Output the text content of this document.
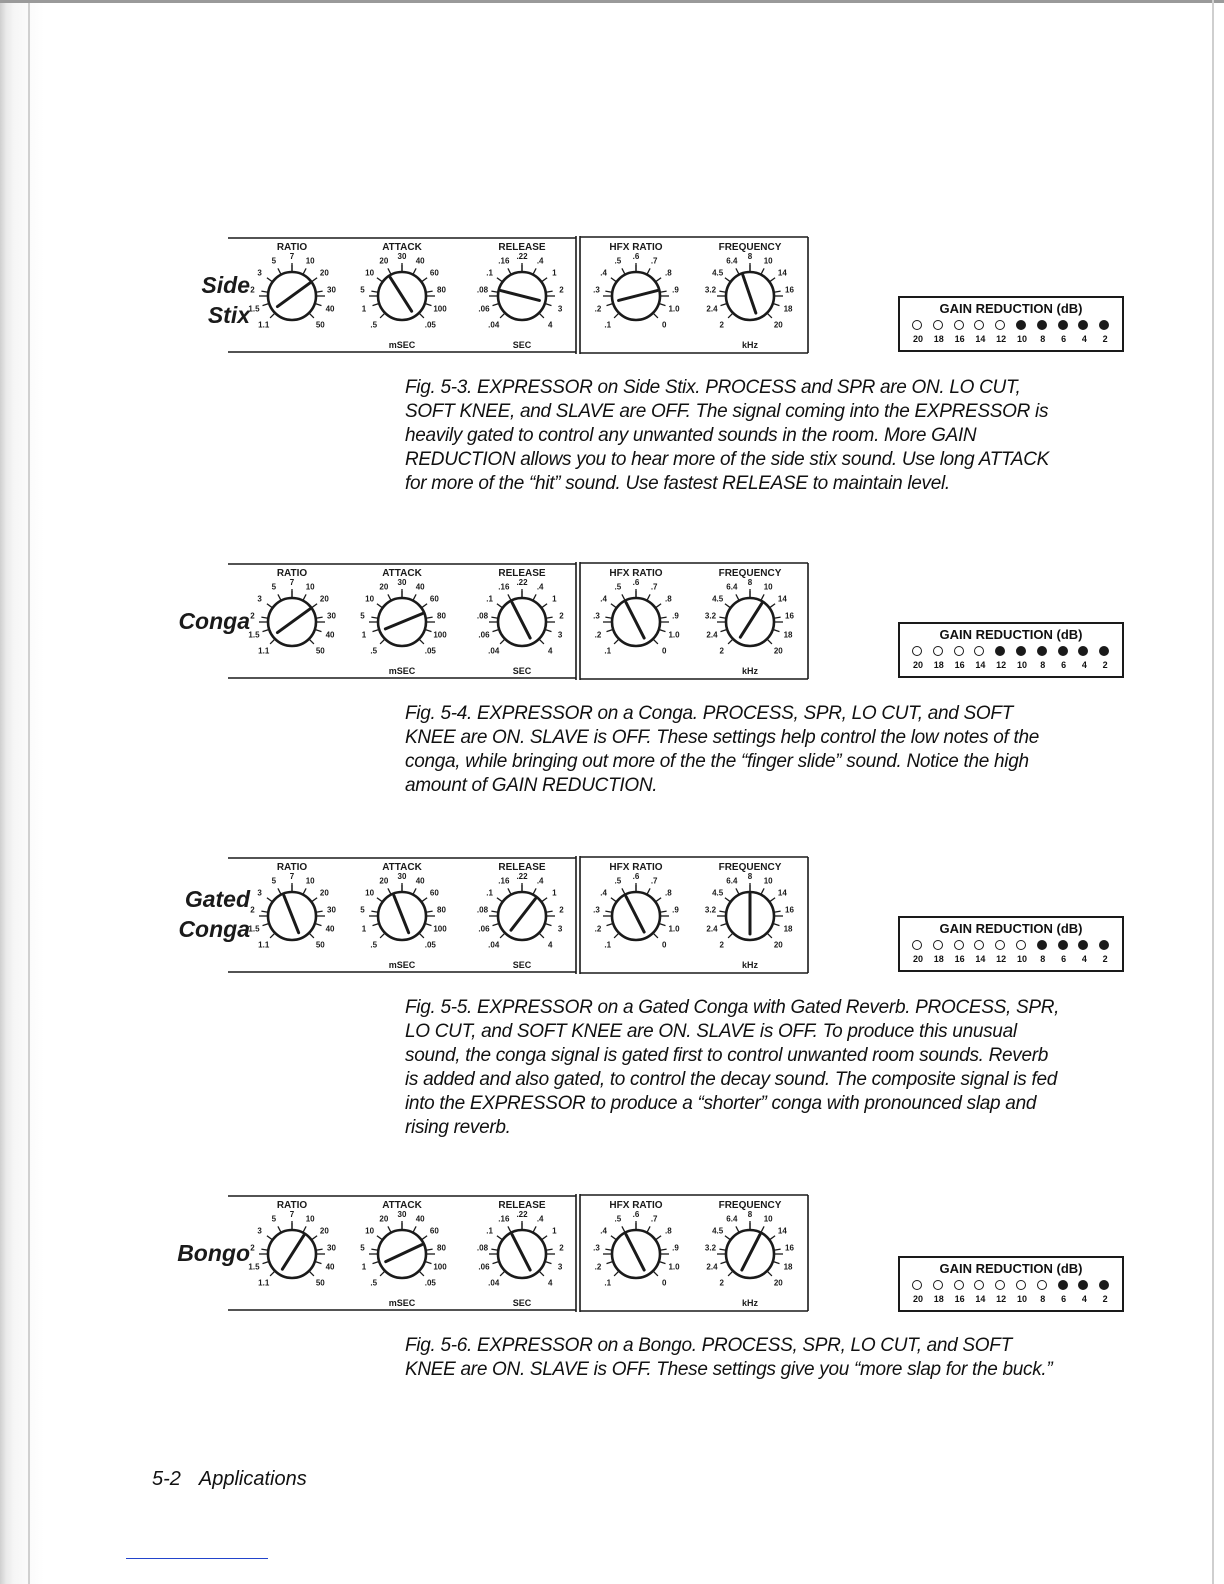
Side
Stix
RATIO
1.1
1.5
2
3
5 7 10
20
30
40
50
ATTACK
.5
1
5
10
20 30 40
60
80
100
.05
mSEC
RELEASE
.04
.06
.08
.1
.16 .22 .4
1
2
3
4
SEC
HFX RATIO
.1
.2
.3
.4
.5 .6 .7
.8
.9
1.0
0
FREQUENCY
2
2.4
3.2
4.5
6.4 8 10
14
16
18
20
kHz
GAIN REDUCTION (dB)
20	18	16	14	12	10	8	6	4	2
Fig. 5-3. EXPRESSOR on Side Stix. PROCESS and SPR are ON. LO CUT,
SOFT KNEE, and SLAVE are OFF. The signal coming into the EXPRESSOR is
heavily gated to control any unwanted sounds in the room. More GAIN
REDUCTION allows you to hear more of the side stix sound. Use long ATTACK
for more of the “hit” sound. Use fastest RELEASE to maintain level.
Conga
RATIO
1.1
1.5
2
3
5 7 10
20
30
40
50
ATTACK
.5
1
5
10
20 30 40
60
80
100
.05
mSEC
RELEASE
.04
.06
.08
.1
.16 .22 .4
1
2
3
4
SEC
HFX RATIO
.1
.2
.3
.4
.5 .6 .7
.8
.9
1.0
0
FREQUENCY
2
2.4
3.2
4.5
6.4 8 10
14
16
18
20
kHz
GAIN REDUCTION (dB)
20	18	16	14	12	10	8	6	4	2
Fig. 5-4. EXPRESSOR on a Conga. PROCESS, SPR, LO CUT, and SOFT
KNEE are ON. SLAVE is OFF. These settings help control the low notes of the
conga, while bringing out more of the the “finger slide” sound. Notice the high
amount of GAIN REDUCTION.
Gated
Conga
RATIO
1.1
1.5
2
3
5 7 10
20
30
40
50
ATTACK
.5
1
5
10
20 30 40
60
80
100
.05
mSEC
RELEASE
.04
.06
.08
.1
.16 .22 .4
1
2
3
4
SEC
HFX RATIO
.1
.2
.3
.4
.5 .6 .7
.8
.9
1.0
0
FREQUENCY
2
2.4
3.2
4.5
6.4 8 10
14
16
18
20
kHz
GAIN REDUCTION (dB)
20	18	16	14	12	10	8	6	4	2
Fig. 5-5. EXPRESSOR on a Gated Conga with Gated Reverb. PROCESS, SPR,
LO CUT, and SOFT KNEE are ON. SLAVE is OFF. To produce this unusual
sound, the conga signal is gated first to control unwanted room sounds. Reverb
is added and also gated, to control the decay sound. The composite signal is fed
into the EXPRESSOR to produce a “shorter” conga with pronounced slap and
rising reverb.
Bongo
RATIO
1.1
1.5
2
3
5 7 10
20
30
40
50
ATTACK
.5
1
5
10
20 30 40
60
80
100
.05
mSEC
RELEASE
.04
.06
.08
.1
.16 .22 .4
1
2
3
4
SEC
HFX RATIO
.1
.2
.3
.4
.5 .6 .7
.8
.9
1.0
0
FREQUENCY
2
2.4
3.2
4.5
6.4 8 10
14
16
18
20
kHz
GAIN REDUCTION (dB)
20	18	16	14	12	10	8	6	4	2
Fig. 5-6. EXPRESSOR on a Bongo. PROCESS, SPR, LO CUT, and SOFT
KNEE are ON. SLAVE is OFF. These settings give you “more slap for the buck.”
5-2 Applications
